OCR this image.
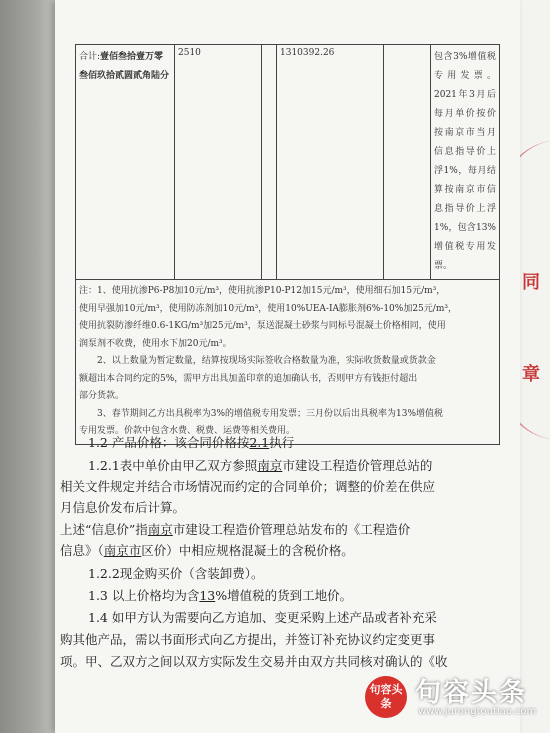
同
章
合计:壹佰叁拾壹万零叁佰玖拾贰圆贰角陆分	2510		1310392.26		包含3%增值税专用发票。2021年3月后每月单价按价按南京市当月信息指导价上浮1%，每月结算按南京市信息指导价上浮1%，包含13%增值税专用发票。

注：1、使用抗渗P6-P8加10元/m³，使用抗渗P10-P12加15元/m³，使用细石加15元/m³，

使用早强加10元/m³，使用防冻剂加10元/m³，使用10%UEA-IA膨胀剂6%-10%加25元/m³，

使用抗裂防渗纤维0.6-1KG/m³加25元/m³，泵送混凝土砂浆与同标号混凝土价格相同，使用

润泵剂不收费，使用水下加20元/m³。

2、以上数量为暂定数量，结算按现场实际签收合格数量为准，实际收货数量或货款金

额超出本合同约定的5%，需甲方出具加盖印章的追加确认书，否则甲方有钱拒付超出

部分货款。

3、春节期间乙方出具税率为3%的增值税专用发票；三月份以后出具税率为13%增值税

专用发票。价款中包含水费、税费、运费等相关费用。

1.2 产品价格：该合同价格按2.1执行
1.2.1表中单价由甲乙双方参照南京市建设工程造价管理总站的
相关文件规定并结合市场情况而约定的合同单价；调整的价差在供应
月信息价发布后计算。
上述“信息价”指南京市建设工程造价管理总站发布的《工程造价
信息》（南京市区价）中相应规格混凝土的含税价格。
1.2.2现金购买价（含装卸费）。
1.3 以上价格均为含13%增值税的货到工地价。
1.4 如甲方认为需要向乙方追加、变更采购上述产品或者补充采
购其他产品，需以书面形式向乙方提出，并签订补充协议约定变更事
项。甲、乙双方之间以双方实际发生交易并由双方共同核对确认的《收
句容头条 句容头条
www.jurongtoutiao.com
